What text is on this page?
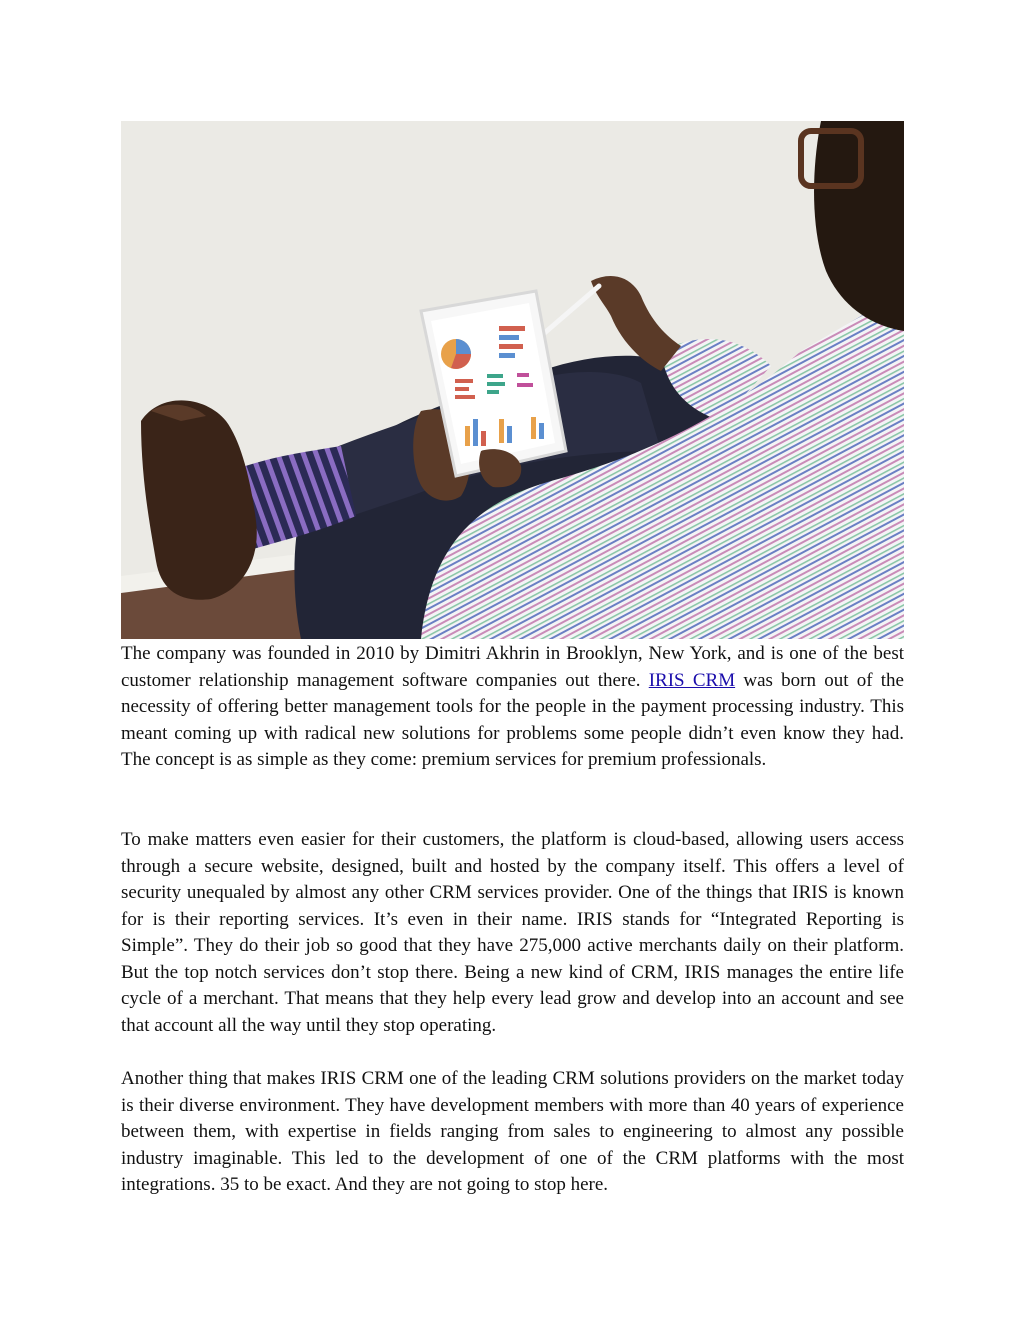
The company was founded in 2010 by Dimitri Akhrin in Brooklyn, New York, and is one of the best customer relationship management software companies out there. IRIS CRM was born out of the necessity of offering better management tools for the people in the payment processing industry. This meant coming up with radical new solutions for problems some people didn’t even know they had. The concept is as simple as they come: premium services for premium professionals.

To make matters even easier for their customers, the platform is cloud-based, allowing users access through a secure website, designed, built and hosted by the company itself. This offers a level of security unequaled by almost any other CRM services provider. One of the things that IRIS is known for is their reporting services. It’s even in their name. IRIS stands for “Integrated Reporting is Simple”. They do their job so good that they have 275,000 active merchants daily on their platform. But the top notch services don’t stop there. Being a new kind of CRM, IRIS manages the entire life cycle of a merchant. That means that they help every lead grow and develop into an account and see that account all the way until they stop operating.

Another thing that makes IRIS CRM one of the leading CRM solutions providers on the market today is their diverse environment. They have development members with more than 40 years of experience between them, with expertise in fields ranging from sales to engineering to almost any possible industry imaginable. This led to the development of one of the CRM platforms with the most integrations. 35 to be exact. And they are not going to stop here.
